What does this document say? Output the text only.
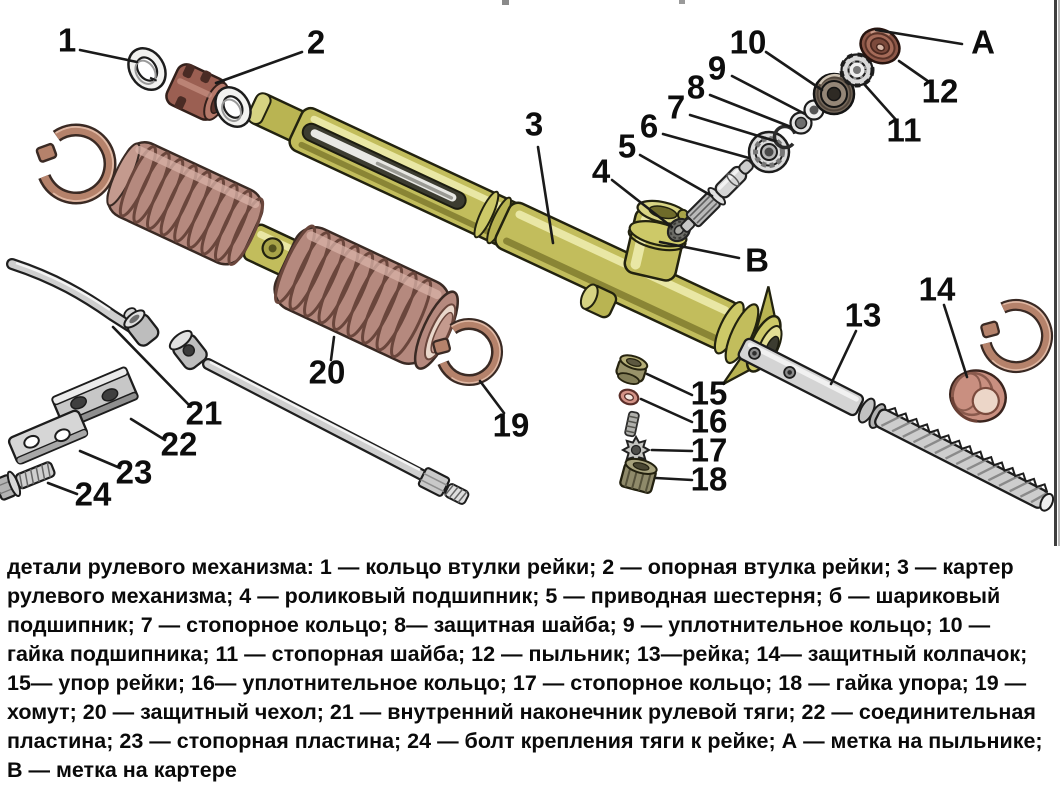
1	2
3
4
5
6
7
8
9
10
11
12
A
B
13
14
15
16
17
18
19
20
21
22
23
24

детали рулевого механизма: 1 — кольцо втулки рейки; 2 — опорная втулка рейки; 3 — картер рулевого механизма; 4 — роликовый подшипник; 5 — приводная шестерня; б — шариковый подшипник; 7 — стопорное кольцо; 8— защитная шайба; 9 — уплотнительное кольцо; 10 — гайка подшипника; 11 — стопорная шайба; 12 — пыльник; 13—рейка; 14— защитный колпачок; 15— упор рейки; 16— уплотнительное кольцо; 17 — стопорное кольцо; 18 — гайка упора; 19 — хомут; 20 — защитный чехол; 21 — внутренний наконечник рулевой тяги; 22 — соединительная пластина; 23 — стопорная пластина; 24 — болт крепления тяги к рейке; А — метка на пыльнике; В — метка на картере
